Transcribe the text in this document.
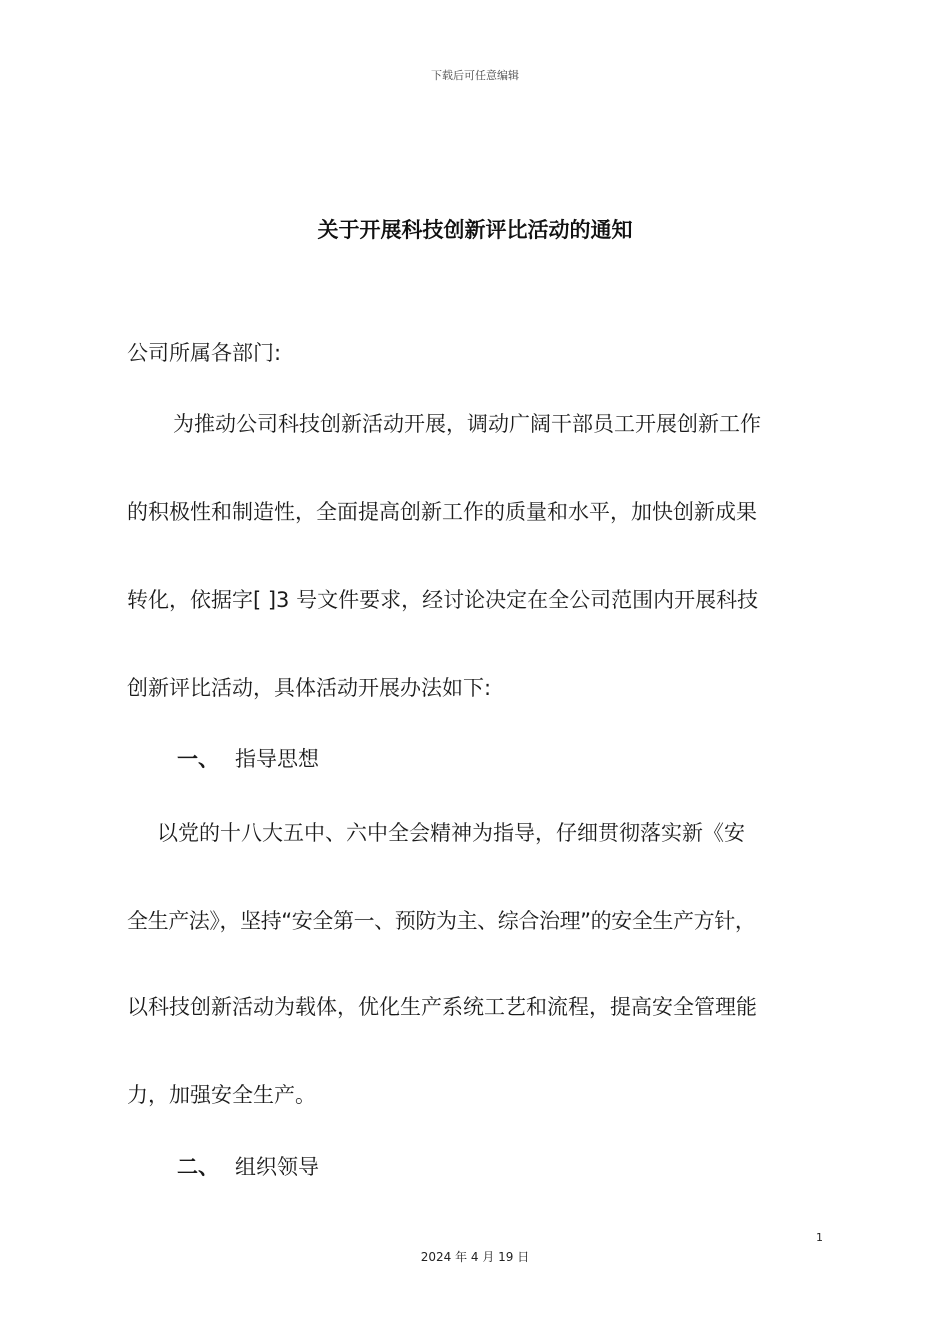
下载后可任意编辑
关于开展科技创新评比活动的通知
公司所属各部门:
为推动公司科技创新活动开展，调动广阔干部员工开展创新工作
的积极性和制造性，全面提高创新工作的质量和水平，加快创新成果
转化，依据字[ ]3 号文件要求，经讨论决定在全公司范围内开展科技
创新评比活动，具体活动开展办法如下:
一、 指导思想
以党的十八大五中、六中全会精神为指导，仔细贯彻落实新《安
全生产法》，坚持“安全第一、预防为主、综合治理”的安全生产方针，
以科技创新活动为载体，优化生产系统工艺和流程，提高安全管理能
力，加强安全生产。
二、 组织领导
1
2024 年 4 月 19 日
